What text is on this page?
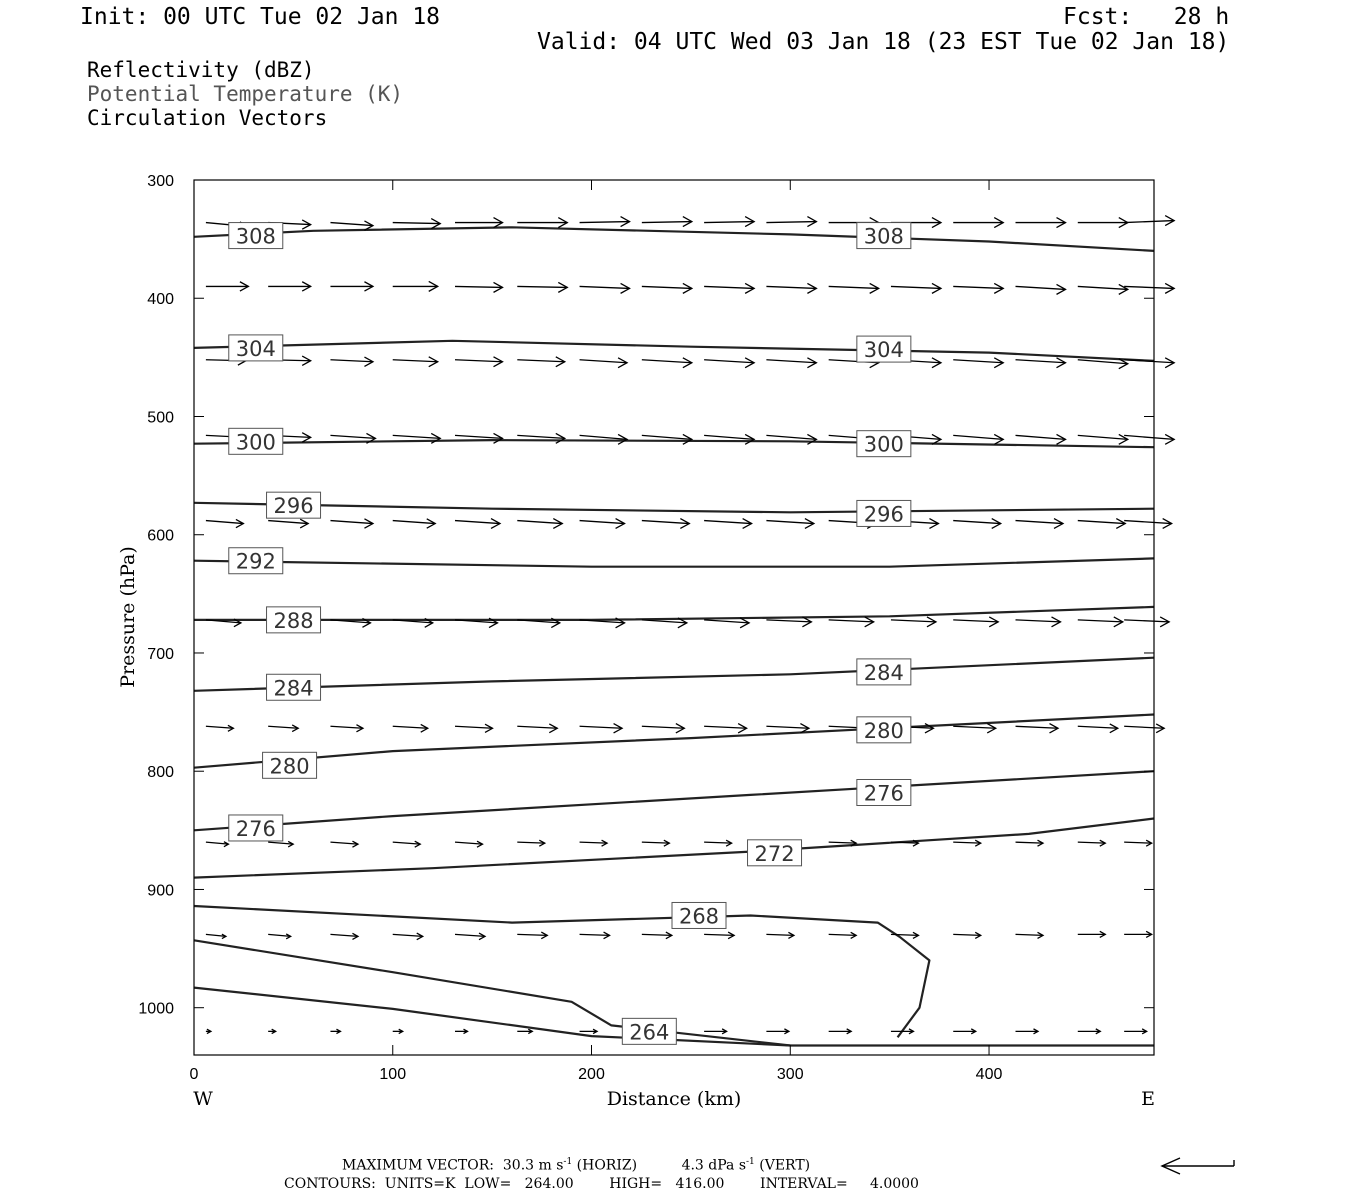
Init: 00 UTC Tue 02 Jan 18	Fcst:   28 h
Valid: 04 UTC Wed 03 Jan 18 (23 EST Tue 02 Jan 18)
Reflectivity (dBZ)
Potential Temperature (K)
Circulation Vectors
308	308
304	304
300	300
296	296
292
288
284
284
280
280
276
276
272
268
264
0	100	200	300	400
300
400
500
600
700
800
900
1000
Distance (km)
Pressure (hPa)
W	E
MAXIMUM VECTOR:  30.3 m $s^{-1}$ (HORIZ)          4.3 dPa $s^{-1}$ (VERT)
CONTOURS:  UNITS=K  LOW=   264.00        HIGH=   416.00        INTERVAL=     4.0000
